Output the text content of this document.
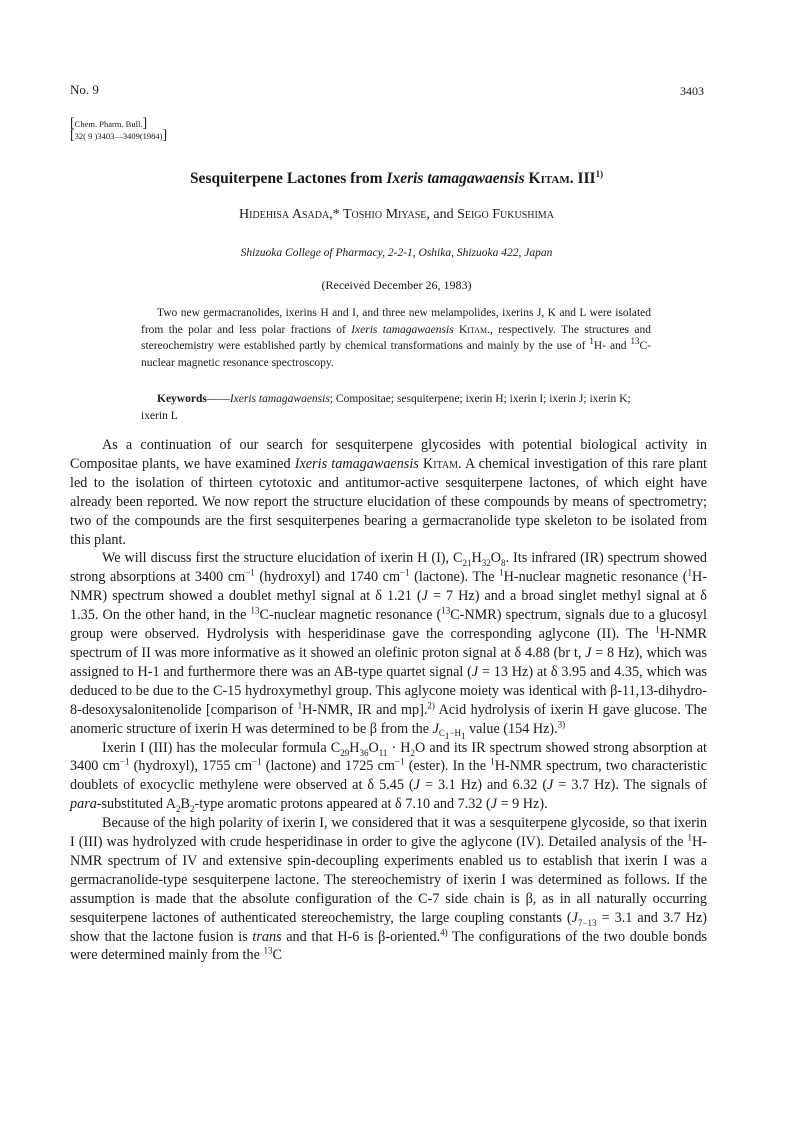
No. 9	3403
[ Chem. Pharm. Bull. ]
[ 32( 9 )3403—3409(1984) ]
Sesquiterpene Lactones from Ixeris tamagawaensis Kitam. III$^{1)}$
Hidehisa Asada,* Toshio Miyase, and Seigo Fukushima
Shizuoka College of Pharmacy, 2-2-1, Oshika, Shizuoka 422, Japan
(Received December 26, 1983)
Two new germacranolides, ixerins H and I, and three new melampolides, ixerins J, K and L were isolated from the polar and less polar fractions of Ixeris tamagawaensis Kitam., respectively. The structures and stereochemistry were established partly by chemical transformations and mainly by the use of $^1$H- and $^{13}$C- nuclear magnetic resonance spectroscopy.
Keywords——Ixeris tamagawaensis; Compositae; sesquiterpene; ixerin H; ixerin I; ixerin J; ixerin K; ixerin L

As a continuation of our search for sesquiterpene glycosides with potential biological activity in Compositae plants, we have examined Ixeris tamagawaensis Kitam. A chemical investigation of this rare plant led to the isolation of thirteen cytotoxic and antitumor-active sesquiterpene lactones, of which eight have already been reported. We now report the structure elucidation of these compounds by means of spectrometry; two of the compounds are the first sesquiterpenes bearing a germacranolide type skeleton to be isolated from this plant.

We will discuss first the structure elucidation of ixerin H (I), $C_{21}H_{32}O_8$. Its infrared (IR) spectrum showed strong absorptions at 3400 $cm^{-1}$ (hydroxyl) and 1740 $cm^{-1}$ (lactone). The $^1$H-nuclear magnetic resonance ($^1$H-NMR) spectrum showed a doublet methyl signal at δ 1.21 (J = 7 Hz) and a broad singlet methyl signal at δ 1.35. On the other hand, in the $^{13}$C-nuclear magnetic resonance ($^{13}$C-NMR) spectrum, signals due to a glucosyl group were observed. Hydrolysis with hesperidinase gave the corresponding aglycone (II). The $^1$H-NMR spectrum of II was more informative as it showed an olefinic proton signal at δ 4.88 (br t, J = 8 Hz), which was assigned to H-1 and furthermore there was an AB-type quartet signal (J = 13 Hz) at δ 3.95 and 4.35, which was deduced to be due to the C-15 hydroxymethyl group. This aglycone moiety was identical with β-11,13-dihydro-8-desoxysalonitenolide [comparison of $^1$H-NMR, IR and mp].$^{2)}$ Acid hydrolysis of ixerin H gave glucose. The anomeric structure of ixerin H was determined to be β from the $J_{C_1-H_1}$ value (154 Hz).$^{3)}$

Ixerin I (III) has the molecular formula $C_{29}H_{36}O_{11} \cdot H_2O$ and its IR spectrum showed strong absorption at 3400 $cm^{-1}$ (hydroxyl), 1755 $cm^{-1}$ (lactone) and 1725 $cm^{-1}$ (ester). In the $^1$H-NMR spectrum, two characteristic doublets of exocyclic methylene were observed at δ 5.45 (J = 3.1 Hz) and 6.32 (J = 3.7 Hz). The signals of para-substituted $A_2B_2$-type aromatic protons appeared at δ 7.10 and 7.32 (J = 9 Hz).

Because of the high polarity of ixerin I, we considered that it was a sesquiterpene glycoside, so that ixerin I (III) was hydrolyzed with crude hesperidinase in order to give the aglycone (IV). Detailed analysis of the $^1$H-NMR spectrum of IV and extensive spin-decoupling experiments enabled us to establish that ixerin I was a germacranolide-type sesquiterpene lactone. The stereochemistry of ixerin I was determined as follows. If the assumption is made that the absolute configuration of the C-7 side chain is β, as in all naturally occurring sesquiterpene lactones of authenticated stereochemistry, the large coupling constants ($J_{7-13} = 3.1$ and 3.7 Hz) show that the lactone fusion is trans and that H-6 is β-oriented.$^{4)}$ The configurations of the two double bonds were determined mainly from the $^{13}$C
